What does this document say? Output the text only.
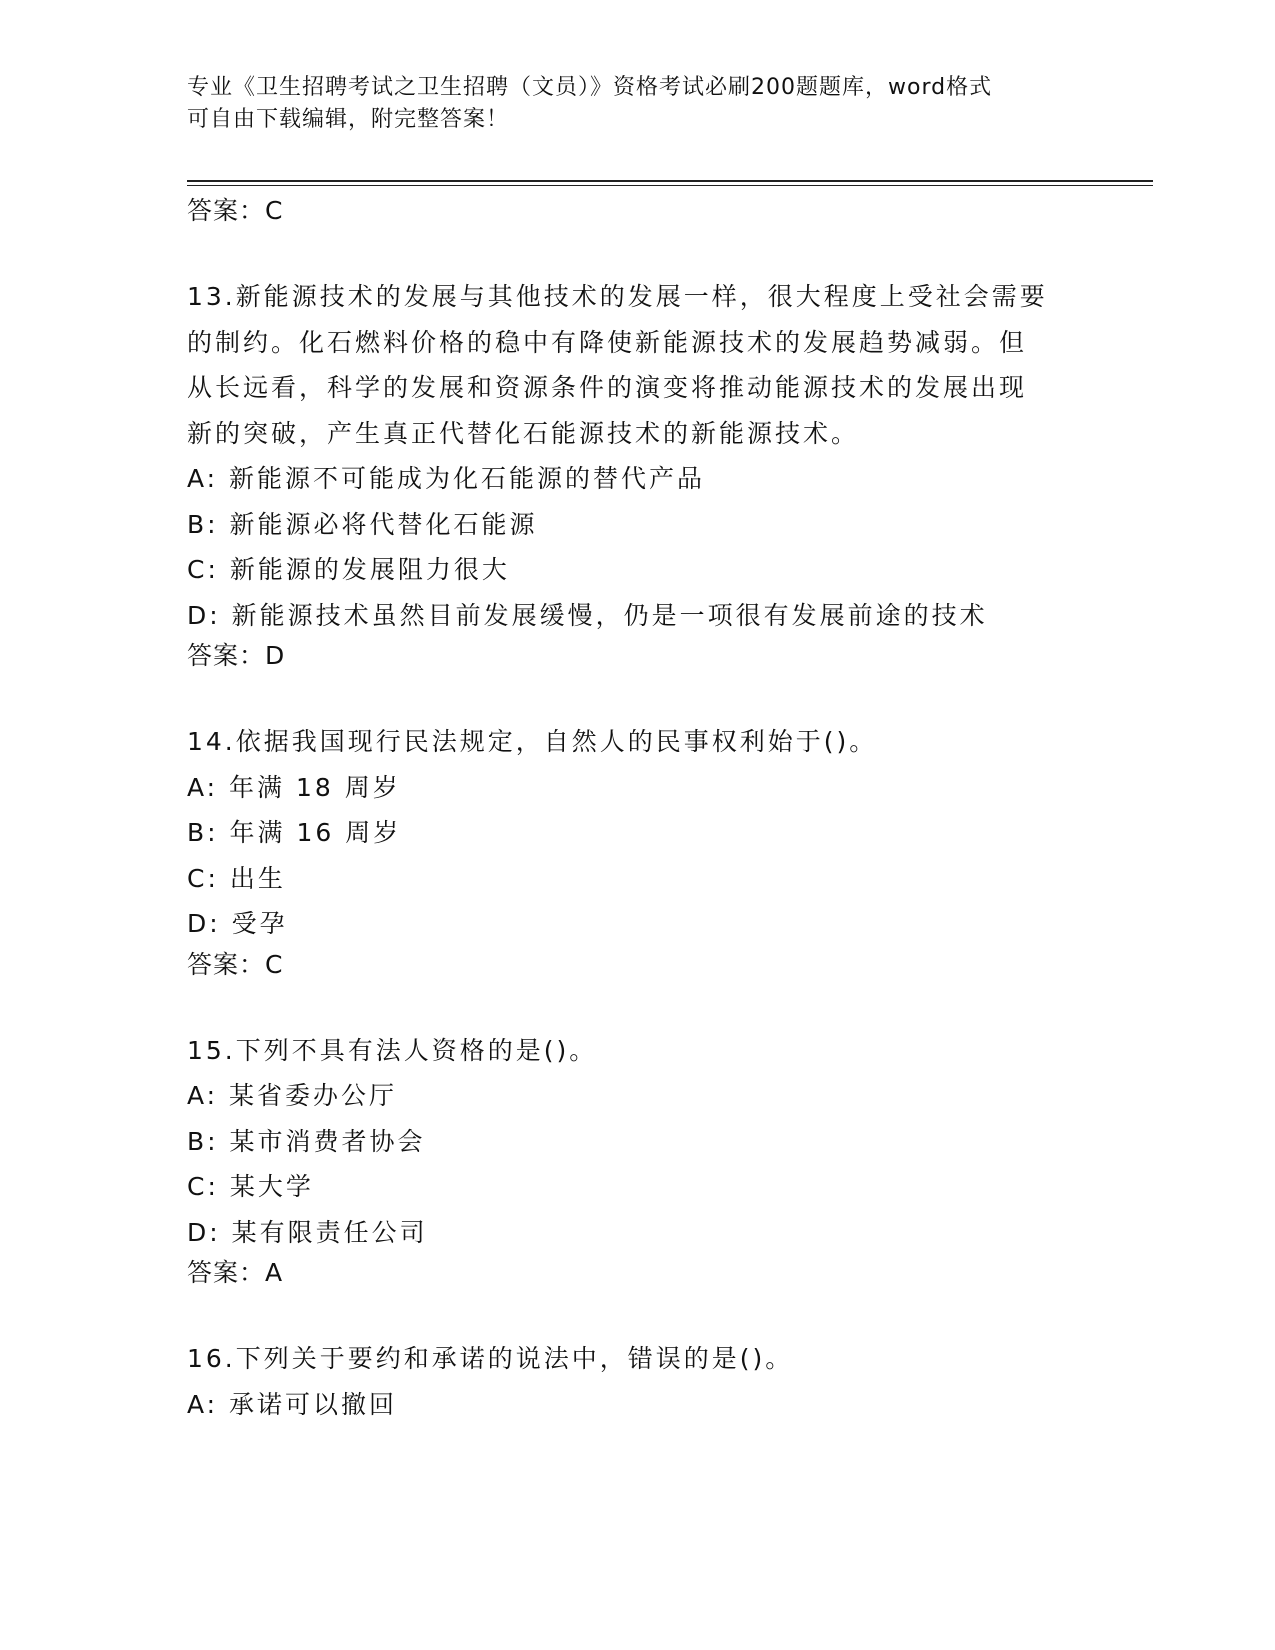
专业《卫生招聘考试之卫生招聘（文员）》资格考试必刷200题题库，word格式
可自由下载编辑，附完整答案！
答案：C
13.新能源技术的发展与其他技术的发展一样，很大程度上受社会需要
的制约。化石燃料价格的稳中有降使新能源技术的发展趋势减弱。但
从长远看，科学的发展和资源条件的演变将推动能源技术的发展出现
新的突破，产生真正代替化石能源技术的新能源技术。
A: 新能源不可能成为化石能源的替代产品
B: 新能源必将代替化石能源
C: 新能源的发展阻力很大
D: 新能源技术虽然目前发展缓慢，仍是一项很有发展前途的技术
答案：D
14.依据我国现行民法规定，自然人的民事权利始于()。
A: 年满 18 周岁
B: 年满 16 周岁
C: 出生
D: 受孕
答案：C
15.下列不具有法人资格的是()。
A: 某省委办公厅
B: 某市消费者协会
C: 某大学
D: 某有限责任公司
答案：A
16.下列关于要约和承诺的说法中，错误的是()。
A: 承诺可以撤回
